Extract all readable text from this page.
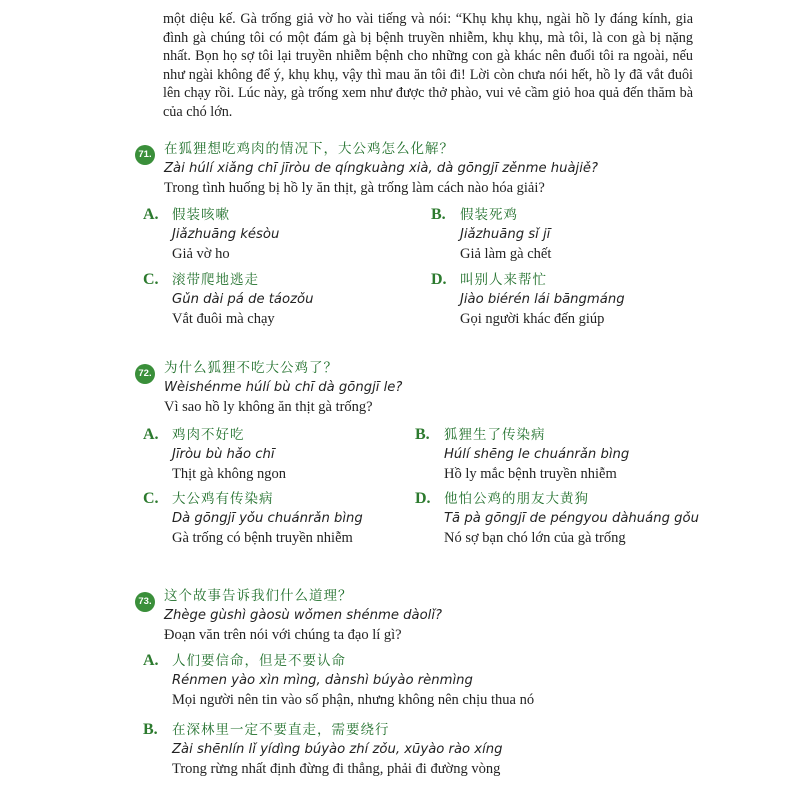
một diệu kế. Gà trống giả vờ ho vài tiếng và nói: “Khụ khụ khụ, ngài hồ ly đáng kính, gia đình gà chúng tôi có một đám gà bị bệnh truyền nhiễm, khụ khụ, mà tôi, là con gà bị nặng nhất. Bọn họ sợ tôi lại truyền nhiễm bệnh cho những con gà khác nên đuổi tôi ra ngoài, nếu như ngài không để ý, khụ khụ, vậy thì mau ăn tôi đi! Lời còn chưa nói hết, hồ ly đã vắt đuôi lên chạy rồi. Lúc này, gà trống xem như được thở phào, vui vẻ cầm giỏ hoa quả đến thăm bà của chó lớn.
71. 在狐狸想吃鸡肉的情况下，大公鸡怎么化解？
Zài húlí xiǎng chī jīròu de qíngkuàng xià, dà gōngjī zěnme huàjiě?
Trong tình huống bị hồ ly ăn thịt, gà trống làm cách nào hóa giải?
A. 假装咳嗽
Jiǎzhuāng késòu
Giả vờ ho
B. 假装死鸡
Jiǎzhuāng sǐ jī
Giả làm gà chết
C. 滚带爬地逃走
Gǔn dài pá de táozǒu
Vắt đuôi mà chạy
D. 叫别人来帮忙
Jiào biérén lái bāngmáng
Gọi người khác đến giúp
72. 为什么狐狸不吃大公鸡了？
Wèishénme húlí bù chī dà gōngjī le?
Vì sao hồ ly không ăn thịt gà trống?
A. 鸡肉不好吃
Jīròu bù hǎo chī
Thịt gà không ngon
B. 狐狸生了传染病
Húlí shēng le chuánrǎn bìng
Hồ ly mắc bệnh truyền nhiễm
C. 大公鸡有传染病
Dà gōngjī yǒu chuánrǎn bìng
Gà trống có bệnh truyền nhiễm
D. 他怕公鸡的朋友大黄狗
Tā pà gōngjī de péngyou dàhuáng gǒu
Nó sợ bạn chó lớn của gà trống
73. 这个故事告诉我们什么道理？
Zhège gùshì gàosù wǒmen shénme dàolǐ?
Đoạn văn trên nói với chúng ta đạo lí gì?
A. 人们要信命，但是不要认命
Rénmen yào xìn mìng, dànshì búyào rènmìng
Mọi người nên tin vào số phận, nhưng không nên chịu thua nó
B. 在深林里一定不要直走，需要绕行
Zài shēnlín lǐ yídìng búyào zhí zǒu, xūyào rào xíng
Trong rừng nhất định đừng đi thẳng, phải đi đường vòng
